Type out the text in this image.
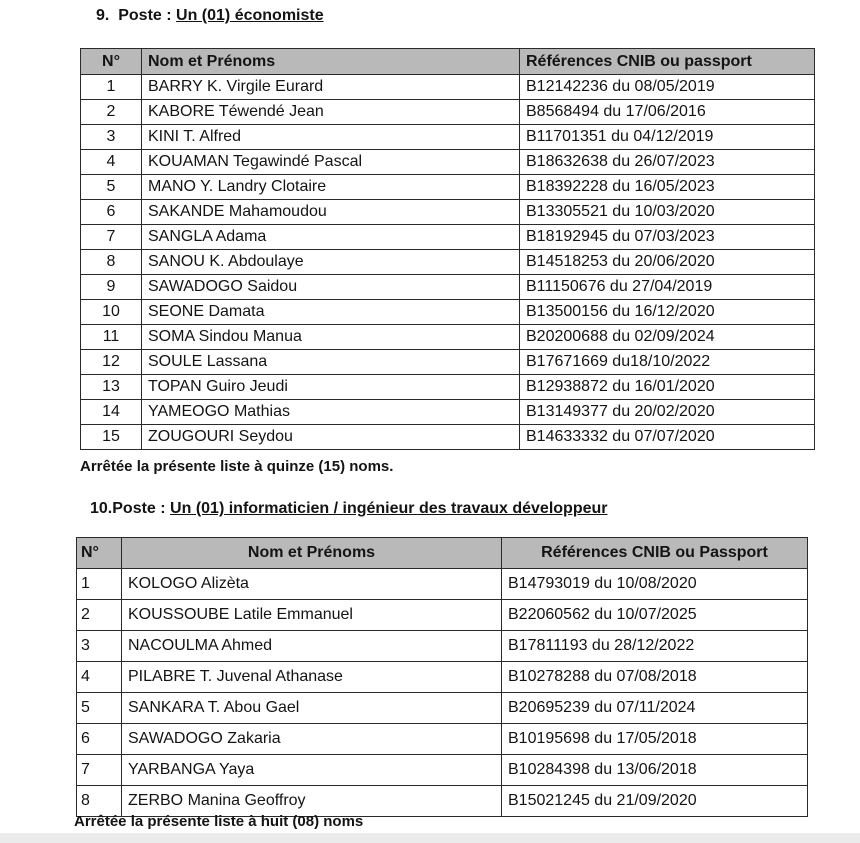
9. Poste : Un (01) économiste
N°	Nom et Prénoms	Références CNIB ou passport
1	BARRY K. Virgile Eurard	B12142236 du 08/05/2019
2	KABORE Téwendé Jean	B8568494 du 17/06/2016
3	KINI T. Alfred	B11701351 du 04/12/2019
4	KOUAMAN Tegawindé Pascal	B18632638 du 26/07/2023
5	MANO Y. Landry Clotaire	B18392228 du 16/05/2023
6	SAKANDE Mahamoudou	B13305521 du 10/03/2020
7	SANGLA Adama	B18192945 du 07/03/2023
8	SANOU K. Abdoulaye	B14518253 du 20/06/2020
9	SAWADOGO Saidou	B11150676 du 27/04/2019
10	SEONE Damata	B13500156 du 16/12/2020
11	SOMA Sindou Manua	B20200688 du 02/09/2024
12	SOULE Lassana	B17671669 du18/10/2022
13	TOPAN Guiro Jeudi	B12938872 du 16/01/2020
14	YAMEOGO Mathias	B13149377 du 20/02/2020
15	ZOUGOURI Seydou	B14633332 du 07/07/2020
Arrêtée la présente liste à quinze (15) noms.
10.Poste : Un (01) informaticien / ingénieur des travaux développeur
N°	Nom et Prénoms	Références CNIB ou Passport
1	KOLOGO Alizèta	B14793019 du 10/08/2020
2	KOUSSOUBE Latile Emmanuel	B22060562 du 10/07/2025
3	NACOULMA Ahmed	B17811193 du 28/12/2022
4	PILABRE T. Juvenal Athanase	B10278288 du 07/08/2018
5	SANKARA T. Abou Gael	B20695239 du 07/11/2024
6	SAWADOGO Zakaria	B10195698 du 17/05/2018
7	YARBANGA Yaya	B10284398 du 13/06/2018
8	ZERBO Manina Geoffroy	B15021245 du 21/09/2020
Arrêtée la présente liste à huit (08) noms
